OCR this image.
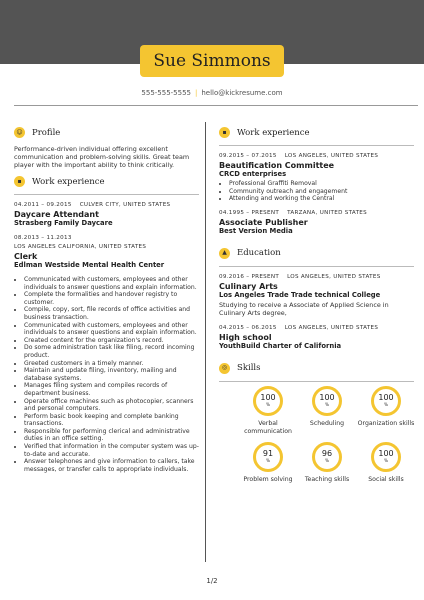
Sue Simmons
555-555-5555 | hello@kickresume.com
☺ Profile
Performance-driven individual offering excellent communication and problem-solving skills. Great team player with the important ability to think critically.
▪	Work experience
04.2011 – 09.2015 CULVER CITY, UNITED STATES
Daycare Attendant
Strasberg Family Daycare
08.2013 – 11.2013
LOS ANGELES CALIFORNIA, UNITED STATES
Clerk
Edlman Westside Mental Health Center
• Communicated with customers, employees and other individuals to answer questions and explain information.
• Complete the formalities and handover registry to customer.
• Compile, copy, sort, file records of office activities and business transaction.
• Communicated with customers, employees and other individuals to answer questions and explain information.
• Created content for the organization's record.
• Do some administration task like filing, record incoming product.
• Greeted customers in a timely manner.
• Maintain and update filing, inventory, mailing and database systems.
• Manages filing system and compiles records of department business.
• Operate office machines such as photocopier, scanners and personal computers.
• Perform basic book keeping and complete banking transactions.
• Responsible for performing clerical and administrative duties in an office setting.
• Verified that information in the computer system was up-to-date and accurate.
• Answer telephones and give information to callers, take messages, or transfer calls to appropriate individuals.
▪	Work experience
09.2015 – 07.2015 LOS ANGELES, UNITED STATES
Beautification Committee
CRCD enterprises
• Professional Graffiti Removal
• Community outreach and engagement
• Attending and working the Central
04.1995 – PRESENT TARZANA, UNITED STATES
Associate Publisher
Best Version Media
▲	Education
09.2016 – PRESENT LOS ANGELES, UNITED STATES
Culinary Arts
Los Angeles Trade Trade technical College
Studying to receive a Associate of Applied Science in Culinary Arts degree,
04.2015 – 06.2015 LOS ANGELES, UNITED STATES
High school
YouthBuild Charter of California
◎	Skills
100
%
Verbal communication
100
%
Scheduling
100
%
Organization skills
91
%
Problem solving
96
%
Teaching skills
100
%
Social skills
1/2
